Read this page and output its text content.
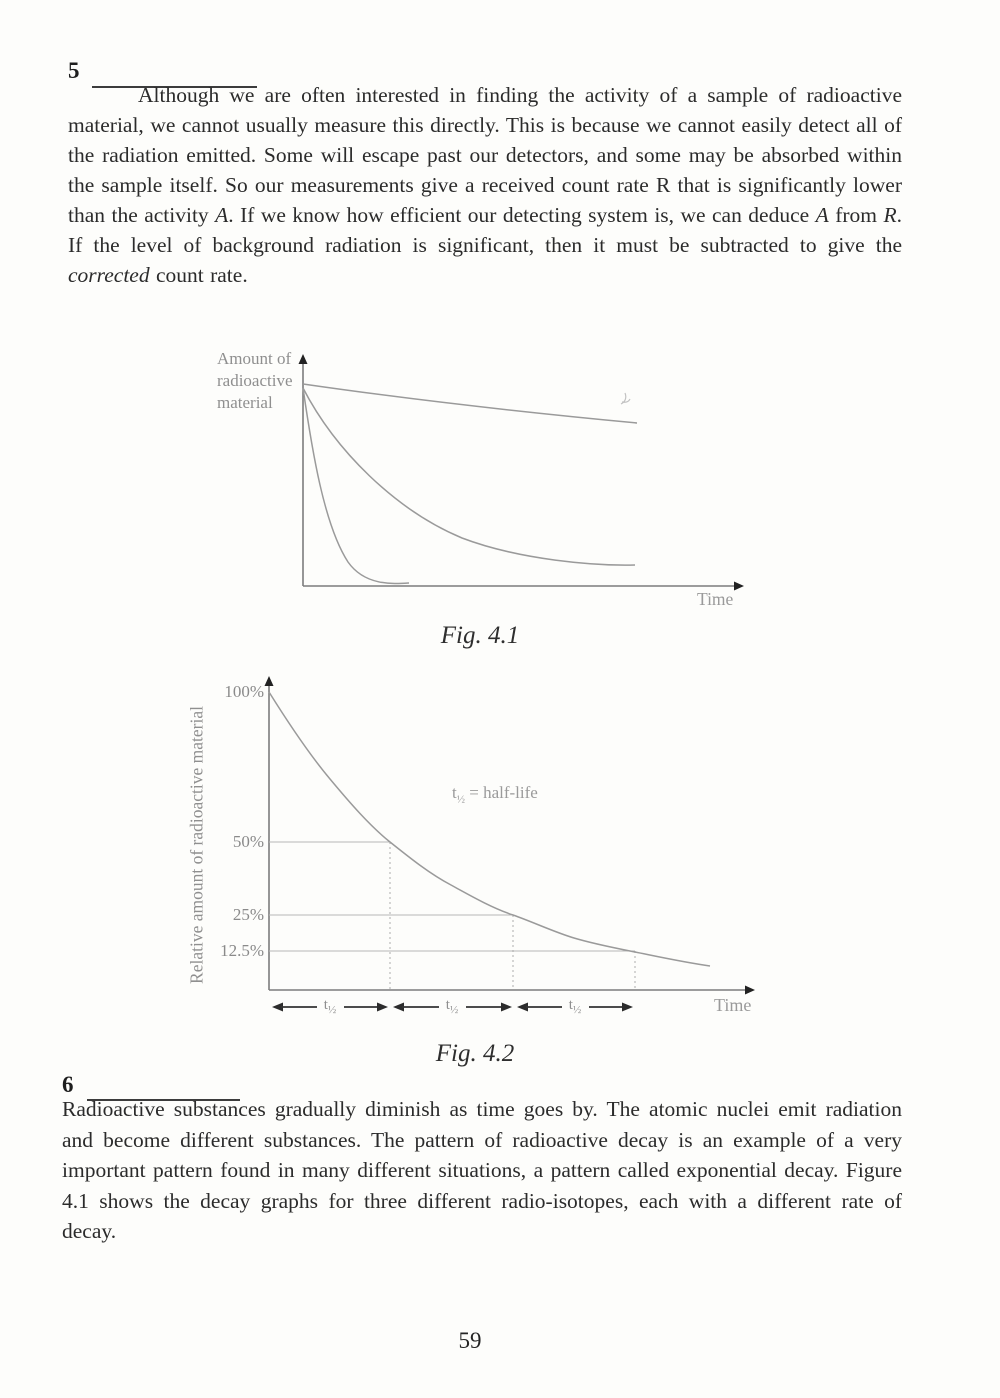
5

Although we are often interested in finding the activity of a sample of radioactive material, we cannot usually measure this directly. This is because we cannot easily detect all of the radiation emitted. Some will escape past our detectors, and some may be absorbed within the sample itself. So our measurements give a received count rate R that is significantly lower than the activity A. If we know how efficient our detecting system is, we can deduce A from R. If the level of background radiation is significant, then it must be subtracted to give the corrected count rate.

Amount of
radioactive
material
Time
Fig. 4.1
Relative amount of radioactive material
100%
50%
25%
12.5%
$t_{\frac{1}{2}}$ = half-life
$t_{\frac{1}{2}}$	$t_{\frac{1}{2}}$	$t_{\frac{1}{2}}$	Time
Fig. 4.2
6

Radioactive substances gradually diminish as time goes by. The atomic nuclei emit radiation and become different substances. The pattern of radioactive decay is an example of a very important pattern found in many different situations, a pattern called exponential decay. Figure 4.1 shows the decay graphs for three different radio-isotopes, each with a different rate of decay.

59
